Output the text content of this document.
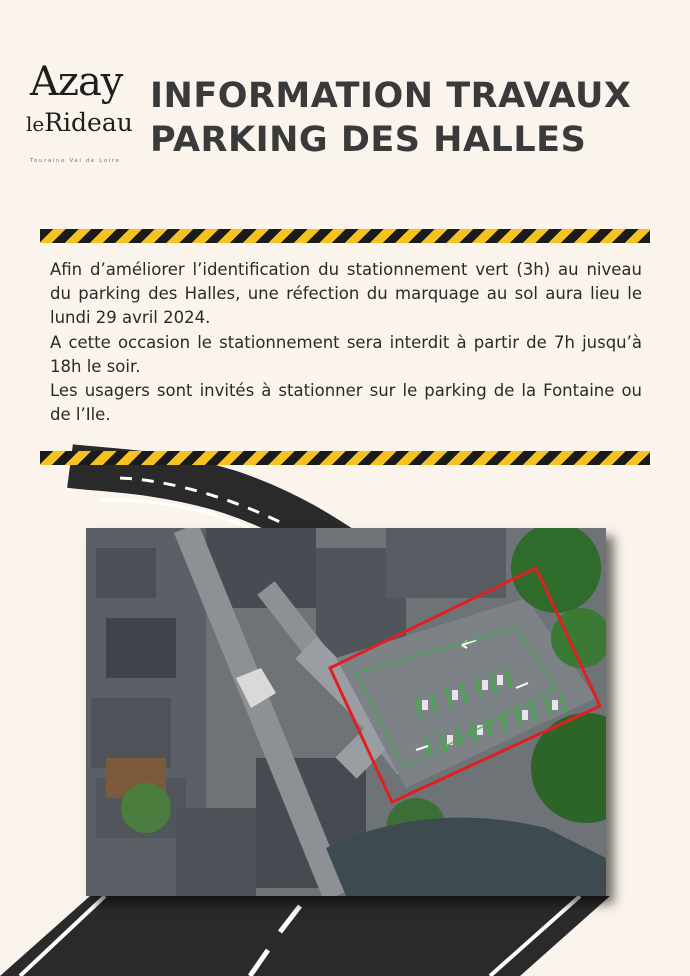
Azay
leRideau
Touraine Val de Loire
INFORMATION TRAVAUX
PARKING DES HALLES

Afin d’améliorer l’identification du stationnement vert (3h) au niveau du parking des Halles, une réfection du marquage au sol aura lieu le lundi 29 avril 2024.

A cette occasion le stationnement sera interdit à partir de 7h jusqu’à 18h le soir.

Les usagers sont invités à stationner sur le parking de la Fontaine ou de l’Ile.
